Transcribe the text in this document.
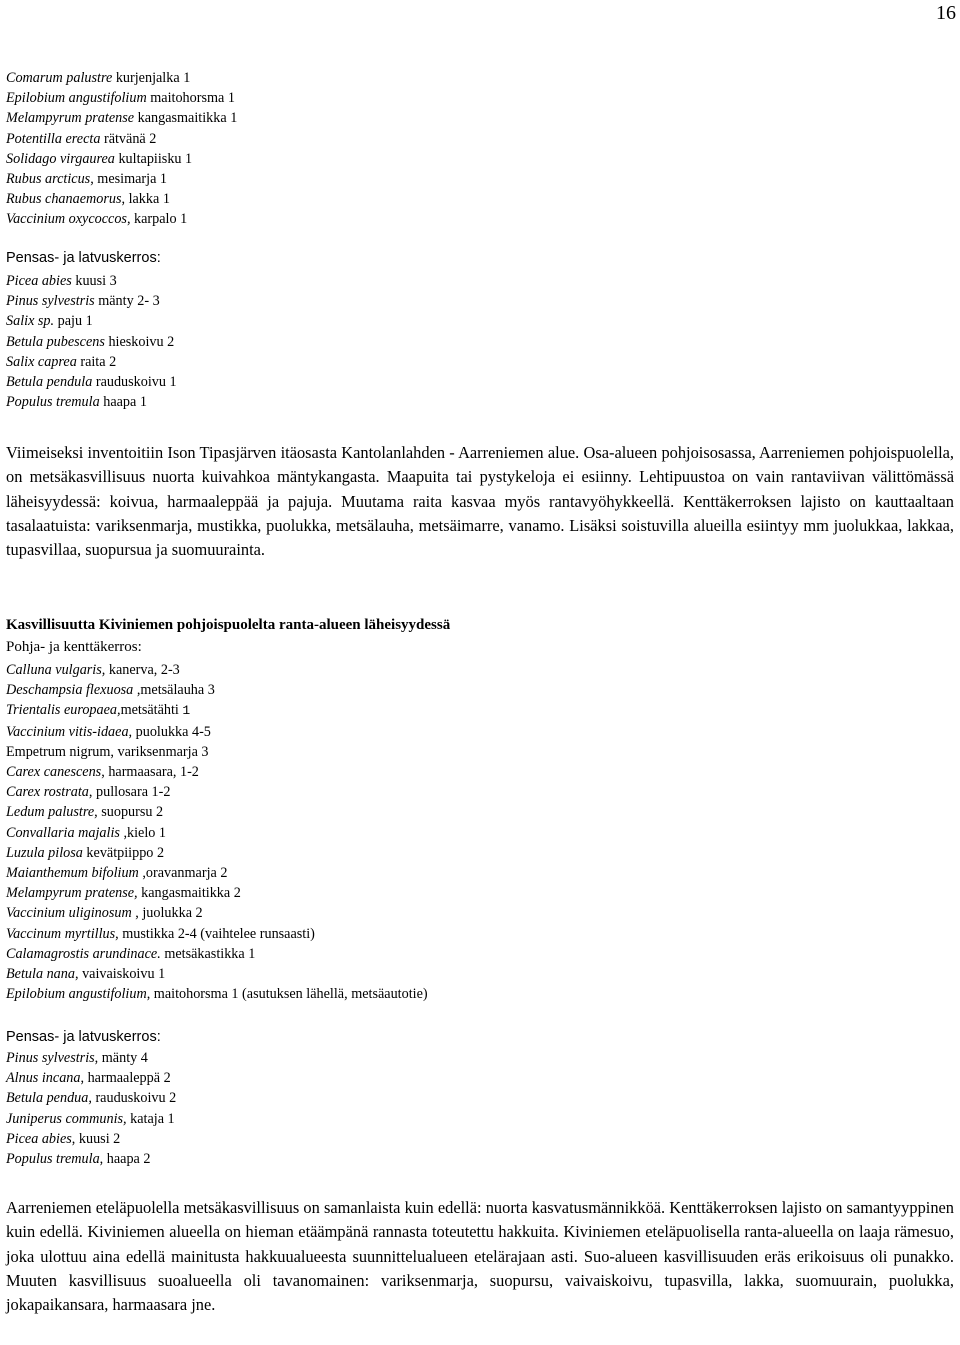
16
Comarum palustre kurjenjalka 1
Epilobium angustifolium maitohorsma 1
Melampyrum pratense kangasmaitikka 1
Potentilla erecta rätvänä 2
Solidago virgaurea kultapiisku 1
Rubus arcticus, mesimarja 1
Rubus chanaemorus, lakka 1
Vaccinium oxycoccos, karpalo 1
Pensas- ja latvuskerros:
Picea abies kuusi 3
Pinus sylvestris mänty 2- 3
Salix sp. paju 1
Betula pubescens hieskoivu 2
Salix caprea raita 2
Betula pendula rauduskoivu 1
Populus tremula haapa 1

Viimeiseksi inventoitiin Ison Tipasjärven itäosasta Kantolanlahden - Aarreniemen alue. Osa-alueen pohjoisosassa, Aarreniemen pohjoispuolella, on metsäkasvillisuus nuorta kuivahkoa mäntykangasta. Maapuita tai pystykeloja ei esiinny. Lehtipuustoa on vain rantaviivan välittömässä läheisyydessä: koivua, harmaaleppää ja pajuja. Muutama raita kasvaa myös rantavyöhykkeellä. Kenttäkerroksen lajisto on kauttaaltaan tasalaatuista: variksenmarja, mustikka, puolukka, metsälauha, metsäimarre, vanamo. Lisäksi soistuvilla alueilla esiintyy mm juolukkaa, lakkaa, tupasvillaa, suopursua ja suomuurainta.

Kasvillisuutta Kiviniemen pohjoispuolelta ranta-alueen läheisyydessä
Pohja- ja kenttäkerros:
Calluna vulgaris, kanerva, 2-3
Deschampsia flexuosa ,metsälauha 3
Trientalis europaea,metsätähti 1
Vaccinium vitis-idaea, puolukka 4-5
Empetrum nigrum, variksenmarja 3
Carex canescens, harmaasara, 1-2
Carex rostrata, pullosara 1-2
Ledum palustre, suopursu 2
Convallaria majalis ,kielo 1
Luzula pilosa kevätpiippo 2
Maianthemum bifolium ,oravanmarja 2
Melampyrum pratense, kangasmaitikka 2
Vaccinium uliginosum , juolukka 2
Vaccinum myrtillus, mustikka 2-4 (vaihtelee runsaasti)
Calamagrostis arundinace. metsäkastikka 1
Betula nana, vaivaiskoivu 1
Epilobium angustifolium, maitohorsma 1 (asutuksen lähellä, metsäautotie)
Pensas- ja latvuskerros:
Pinus sylvestris, mänty 4
Alnus incana, harmaaleppä 2
Betula pendua, rauduskoivu 2
Juniperus communis, kataja 1
Picea abies, kuusi 2
Populus tremula, haapa 2

Aarreniemen eteläpuolella metsäkasvillisuus on samanlaista kuin edellä: nuorta kasvatusmännikköä. Kenttäkerroksen lajisto on samantyyppinen kuin edellä. Kiviniemen alueella on hieman etäämpänä rannasta toteutettu hakkuita. Kiviniemen eteläpuolisella ranta-alueella on laaja rämesuo, joka ulottuu aina edellä mainitusta hakkuualueesta suunnittelualueen etelärajaan asti. Suo-alueen kasvillisuuden eräs erikoisuus oli punakko. Muuten kasvillisuus suoalueella oli tavanomainen: variksenmarja, suopursu, vaivaiskoivu, tupasvilla, lakka, suomuurain, puolukka, jokapaikansara, harmaasara jne.
